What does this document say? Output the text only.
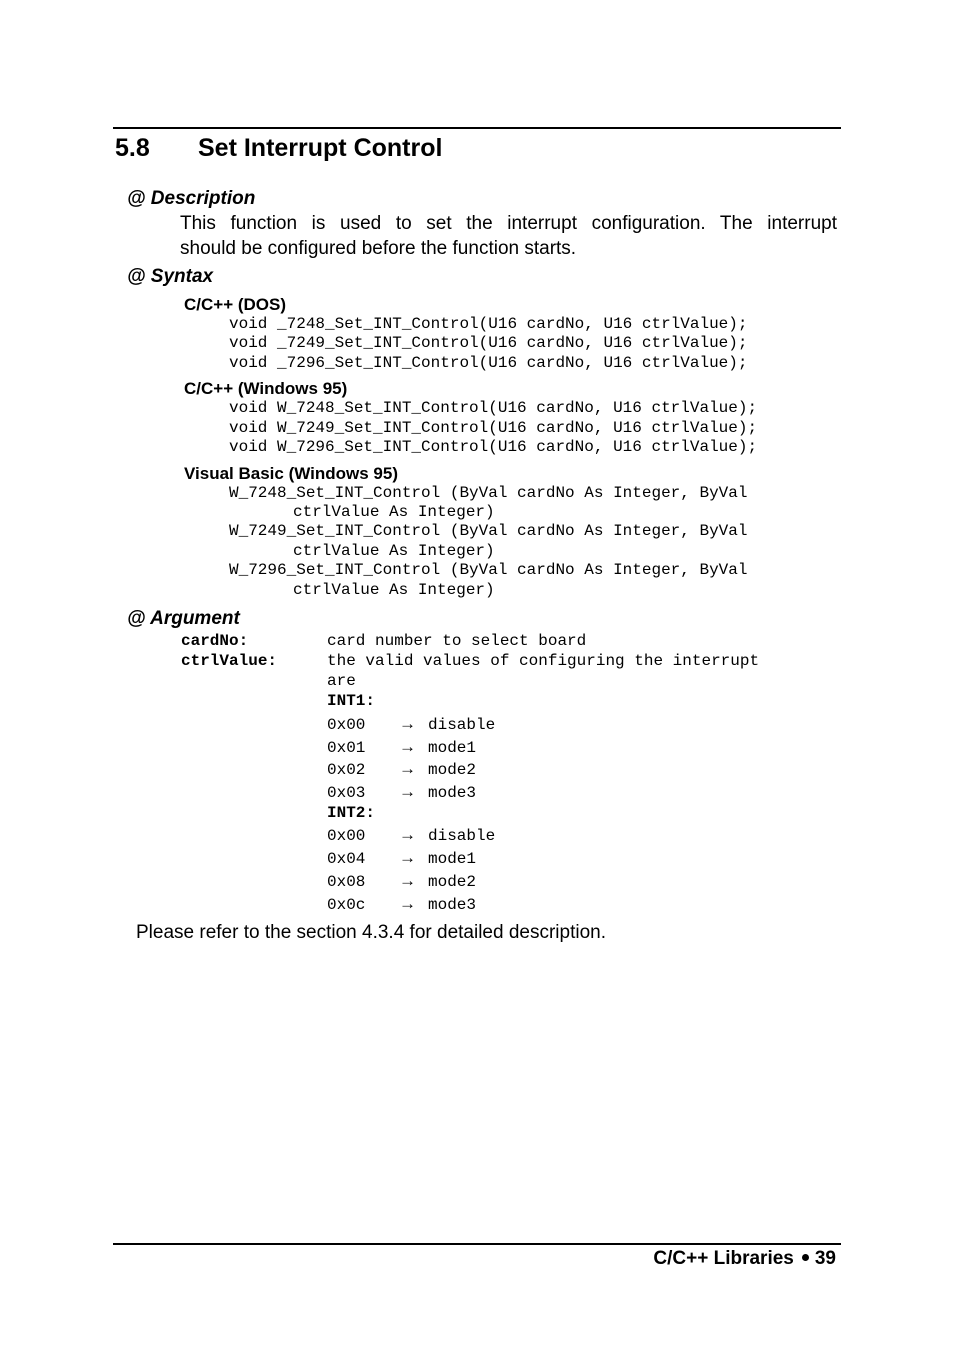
5.8 Set Interrupt Control
@ Description
This function is used to set the interrupt configuration. The interrupt
should be configured before the function starts.
@ Syntax
C/C++ (DOS)
void _7248_Set_INT_Control(U16 cardNo, U16 ctrlValue);
void _7249_Set_INT_Control(U16 cardNo, U16 ctrlValue);
void _7296_Set_INT_Control(U16 cardNo, U16 ctrlValue);
C/C++ (Windows 95)
void W_7248_Set_INT_Control(U16 cardNo, U16 ctrlValue);
void W_7249_Set_INT_Control(U16 cardNo, U16 ctrlValue);
void W_7296_Set_INT_Control(U16 cardNo, U16 ctrlValue);
Visual Basic (Windows 95)
W_7248_Set_INT_Control (ByVal cardNo As Integer, ByVal
ctrlValue As Integer)
W_7249_Set_INT_Control (ByVal cardNo As Integer, ByVal
ctrlValue As Integer)
W_7296_Set_INT_Control (ByVal cardNo As Integer, ByVal
ctrlValue As Integer)
@ Argument
cardNo:	card number to select board
ctrlValue:	the valid values of configuring the interrupt
are
INT1:
0x00 → disable
0x01 → mode1
0x02 → mode2
0x03 → mode3
INT2:
0x00 → disable
0x04 → mode1
0x08 → mode2
0x0c → mode3
Please refer to the section 4.3.4 for detailed description.
C/C++ Libraries 39
